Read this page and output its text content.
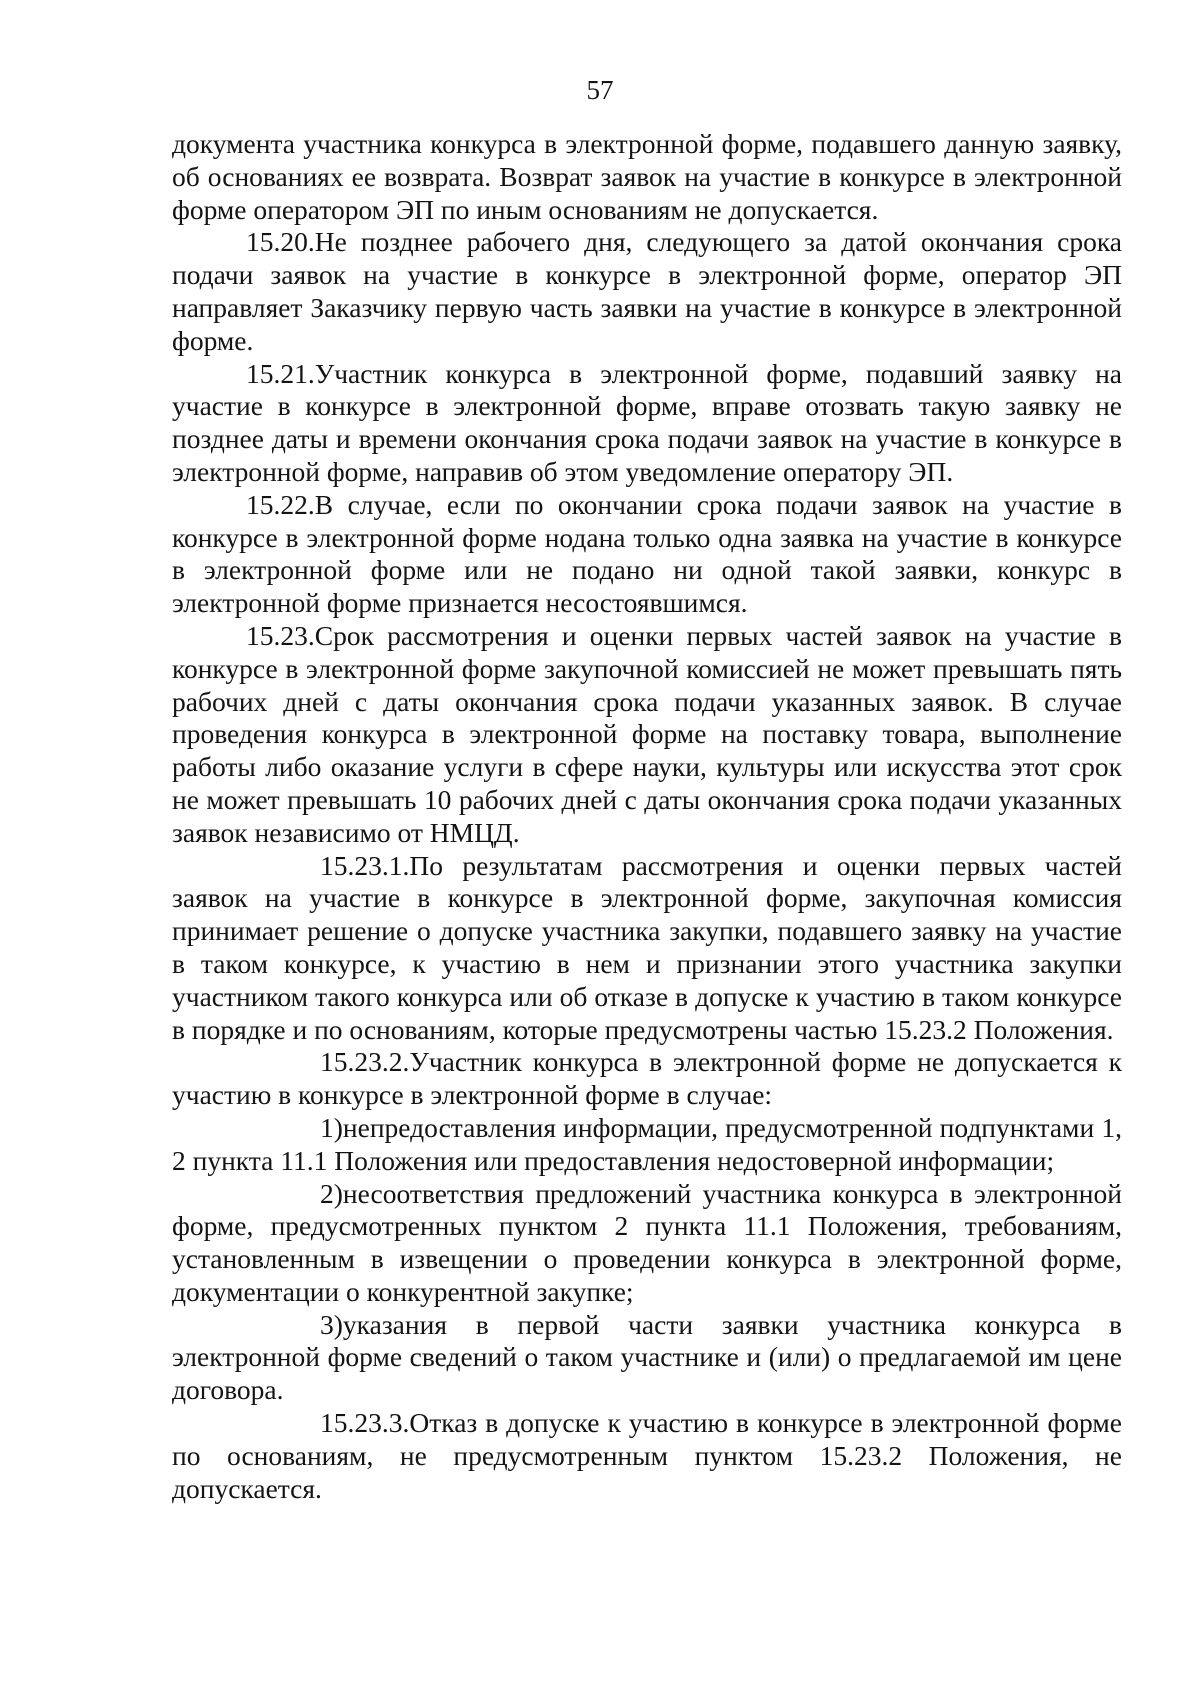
57

документа участника конкурса в электронной форме, подавшего данную заявку, об основаниях ее возврата. Возврат заявок на участие в конкурсе в электронной форме оператором ЭП по иным основаниям не допускается.

15.20.Не позднее рабочего дня, следующего за датой окончания срока подачи заявок на участие в конкурсе в электронной форме, оператор ЭП направляет Заказчику первую часть заявки на участие в конкурсе в электронной форме.

15.21.Участник конкурса в электронной форме, подавший заявку на участие в конкурсе в электронной форме, вправе отозвать такую заявку не позднее даты и времени окончания срока подачи заявок на участие в конкурсе в электронной форме, направив об этом уведомление оператору ЭП.

15.22.В случае, если по окончании срока подачи заявок на участие в конкурсе в электронной форме нодана только одна заявка на участие в конкурсе в электронной форме или не подано ни одной такой заявки, конкурс в электронной форме признается несостоявшимся.

15.23.Срок рассмотрения и оценки первых частей заявок на участие в конкурсе в электронной форме закупочной комиссией не может превышать пять рабочих дней с даты окончания срока подачи указанных заявок. В случае проведения конкурса в электронной форме на поставку товара, выполнение работы либо оказание услуги в сфере науки, культуры или искусства этот срок не может превышать 10 рабочих дней с даты окончания срока подачи указанных заявок независимо от НМЦД.

15.23.1.По результатам рассмотрения и оценки первых частей заявок на участие в конкурсе в электронной форме, закупочная комиссия принимает решение о допуске участника закупки, подавшего заявку на участие в таком конкурсе, к участию в нем и признании этого участника закупки участником такого конкурса или об отказе в допуске к участию в таком конкурсе в порядке и по основаниям, которые предусмотрены частью 15.23.2 Положения.

15.23.2.Участник конкурса в электронной форме не допускается к участию в конкурсе в электронной форме в случае:

1)непредоставления информации, предусмотренной подпунктами 1, 2 пункта 11.1 Положения или предоставления недостоверной информации;

2)несоответствия предложений участника конкурса в электронной форме, предусмотренных пунктом 2 пункта 11.1 Положения, требованиям, установленным в извещении о проведении конкурса в электронной форме, документации о конкурентной закупке;

3)указания в первой части заявки участника конкурса в электронной форме сведений о таком участнике и (или) о предлагаемой им цене договора.

15.23.3.Отказ в допуске к участию в конкурсе в электронной форме по основаниям, не предусмотренным пунктом 15.23.2 Положения, не допускается.
